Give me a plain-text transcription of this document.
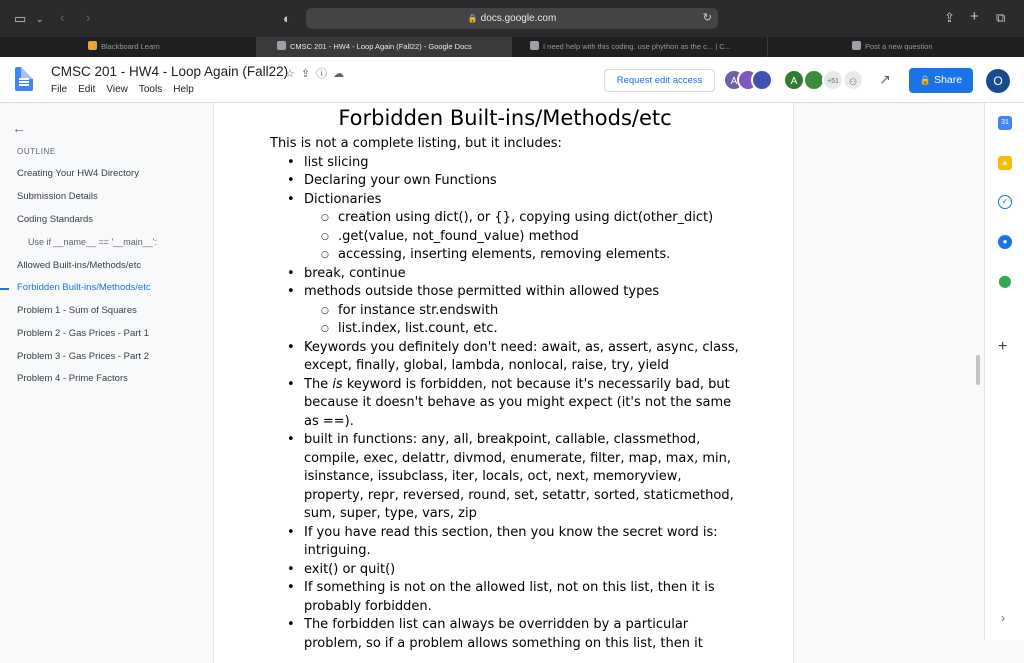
▭ ⌄ ‹ ›	◐	🔒 docs.google.com	↻	⇪ + ⧉
Blackboard Learn	CMSC 201 - HW4 - Loop Again (Fall22) - Google Docs	I need help with this coding. use phython as the c... | C...	Post a new question
CMSC 201 - HW4 - Loop Again (Fall22)
☆⇪ⓘ☁
File Edit View Tools Help
Request edit access	A	A	+51	⚇	↗	🔒 Share	O
←
OUTLINE
Creating Your HW4 Directory
Submission Details
Coding Standards
Use if __name__ == '__main__':
Allowed Built-ins/Methods/etc
Forbidden Built-ins/Methods/etc
Problem 1 - Sum of Squares
Problem 2 - Gas Prices - Part 1
Problem 3 - Gas Prices - Part 2
Problem 4 - Prime Factors
Forbidden Built-ins/Methods/etc
This is not a complete listing, but it includes:
• list slicing
• Declaring your own Functions
• Dictionaries
○ creation using dict(), or {}, copying using dict(other_dict)
○ .get(value, not_found_value) method
○ accessing, inserting elements, removing elements.
• break, continue
• methods outside those permitted within allowed types
○ for instance str.endswith
○ list.index, list.count, etc.
• Keywords you definitely don't need: await, as, assert, async, class, except, finally, global, lambda, nonlocal, raise, try, yield
• The is keyword is forbidden, not because it's necessarily bad, but because it doesn't behave as you might expect (it's not the same as ==).
• built in functions: any, all, breakpoint, callable, classmethod, compile, exec, delattr, divmod, enumerate, filter, map, max, min, isinstance, issubclass, iter, locals, oct, next, memoryview, property, repr, reversed, round, set, setattr, sorted, staticmethod, sum, super, type, vars, zip
• If you have read this section, then you know the secret word is: intriguing.
• exit() or quit()
• If something is not on the allowed list, not on this list, then it is probably forbidden.
• The forbidden list can always be overridden by a particular problem, so if a problem allows something on this list, then it
31
●
✓
●
⬤
+
›
